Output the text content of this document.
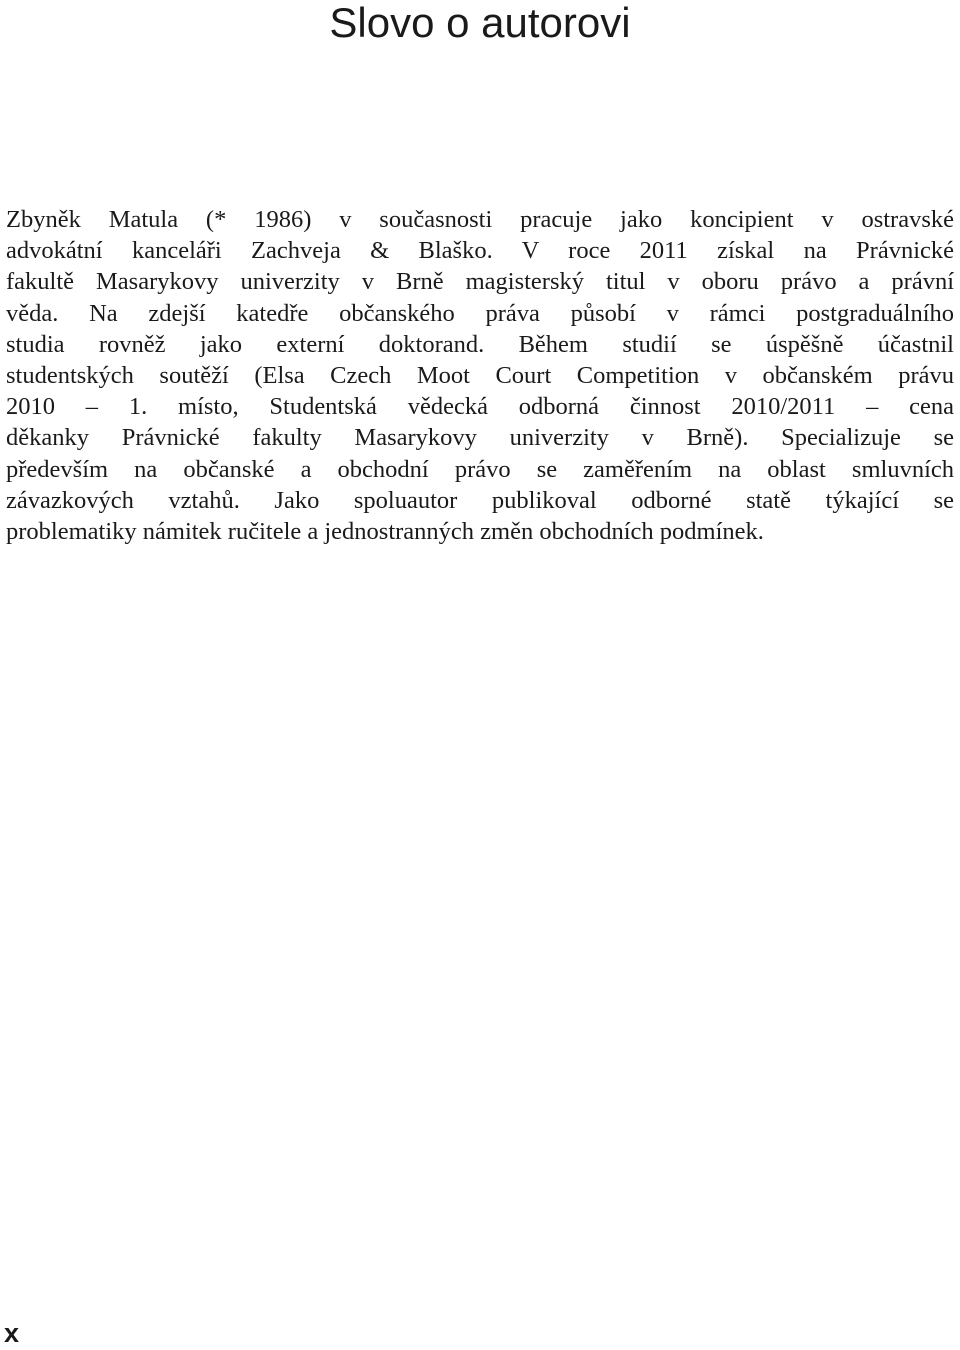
Slovo o autorovi

Zbyněk Matula (* 1986) v současnosti pracuje jako koncipient v ostravské
advokátní kanceláři Zachveja & Blaško. V roce 2011 získal na Právnické
fakultě Masarykovy univerzity v Brně magisterský titul v oboru právo a právní
věda. Na zdejší katedře občanského práva působí v rámci postgraduálního
studia rovněž jako externí doktorand. Během studií se úspěšně účastnil
studentských soutěží (Elsa Czech Moot Court Competition v občanském právu
2010 – 1. místo, Studentská vědecká odborná činnost 2010/2011 – cena
děkanky Právnické fakulty Masarykovy univerzity v Brně). Specializuje se
především na občanské a obchodní právo se zaměřením na oblast smluvních
závazkových vztahů. Jako spoluautor publikoval odborné statě týkající se
problematiky námitek ručitele a jednostranných změn obchodních podmínek.

x
